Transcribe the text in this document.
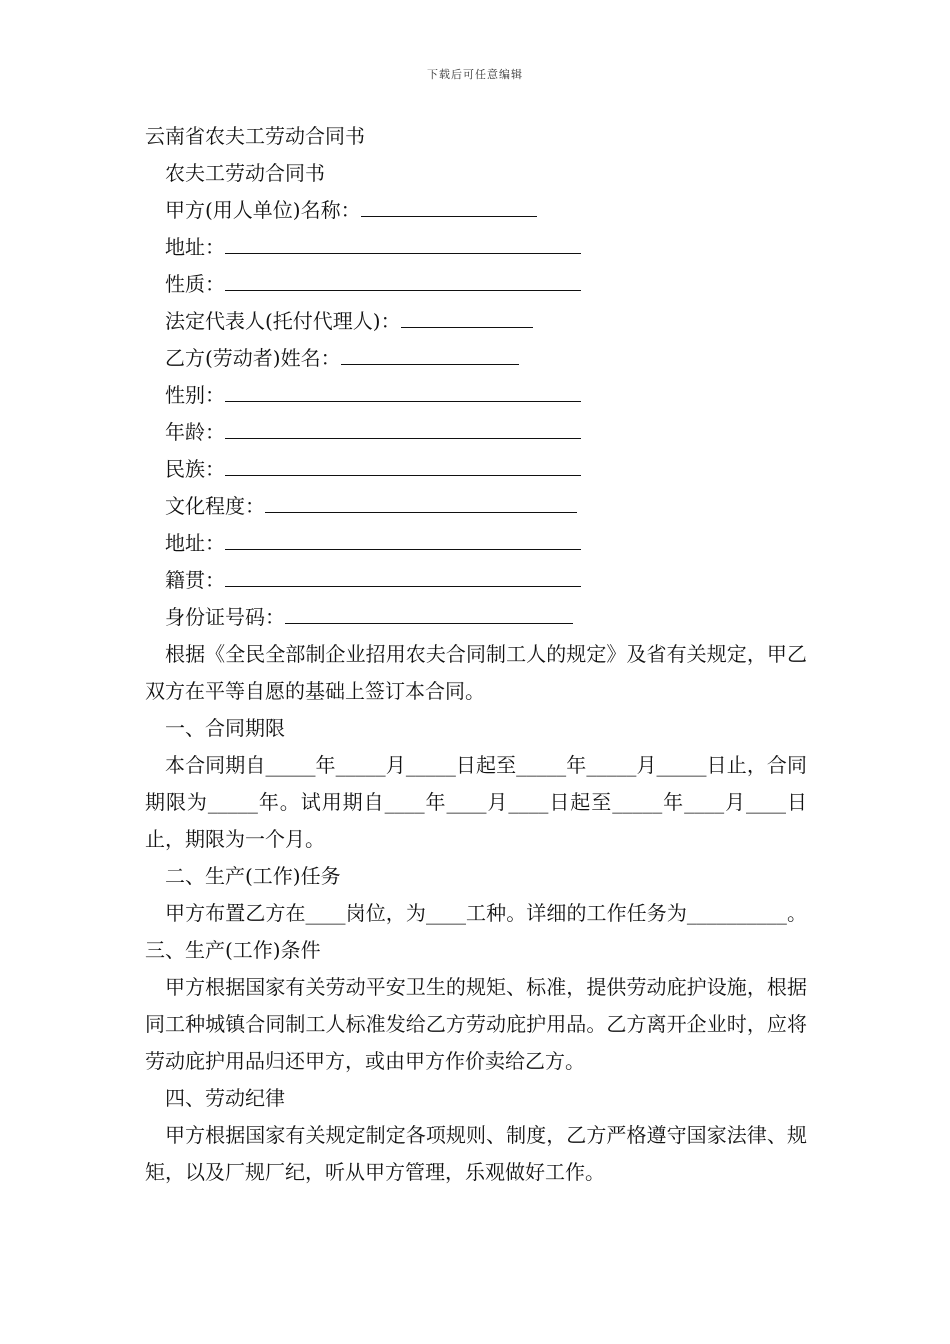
下载后可任意编辑
云南省农夫工劳动合同书
农夫工劳动合同书
甲方(用人单位)名称：
地址：
性质：
法定代表人(托付代理人)：
乙方(劳动者)姓名：
性别：
年龄：
民族：
文化程度：
地址：
籍贯：
身份证号码：
根据《全民全部制企业招用农夫合同制工人的规定》及省有关规定，甲乙双方在平等自愿的基础上签订本合同。
一、合同期限
本合同期自_____年_____月_____日起至_____年_____月_____日止，合同期限为_____年。试用期自____年____月____日起至_____年____月____日止，期限为一个月。
二、生产(工作)任务
甲方布置乙方在____岗位，为____工种。详细的工作任务为__________。三、生产(工作)条件
甲方根据国家有关劳动平安卫生的规矩、标准，提供劳动庇护设施，根据同工种城镇合同制工人标准发给乙方劳动庇护用品。乙方离开企业时，应将劳动庇护用品归还甲方，或由甲方作价卖给乙方。
四、劳动纪律
甲方根据国家有关规定制定各项规则、制度，乙方严格遵守国家法律、规矩，以及厂规厂纪，听从甲方管理，乐观做好工作。
